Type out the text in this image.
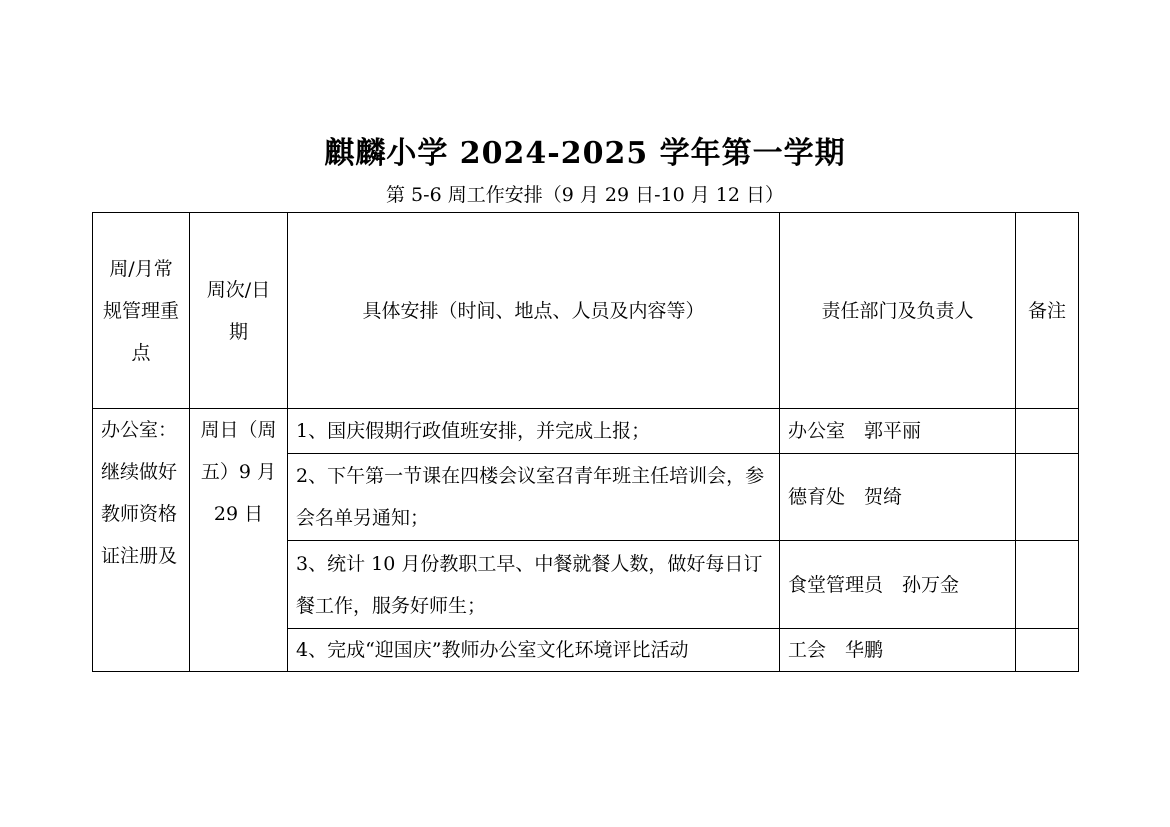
麒麟小学 2024-2025 学年第一学期
第 5-6 周工作安排（9 月 29 日-10 月 12 日）
周/月常规管理重点	周次/日期	具体安排（时间、地点、人员及内容等）	责任部门及负责人	备注
办公室：继续做好教师资格证注册及	周日（周五）9 月 29 日	1、国庆假期行政值班安排，并完成上报；	办公室　郭平丽	
		2、下午第一节课在四楼会议室召青年班主任培训会，参会名单另通知；	德育处　贺绮	
		3、统计 10 月份教职工早、中餐就餐人数，做好每日订餐工作，服务好师生；	食堂管理员　孙万金	
		4、完成“迎国庆”教师办公室文化环境评比活动	工会　华鹏	
